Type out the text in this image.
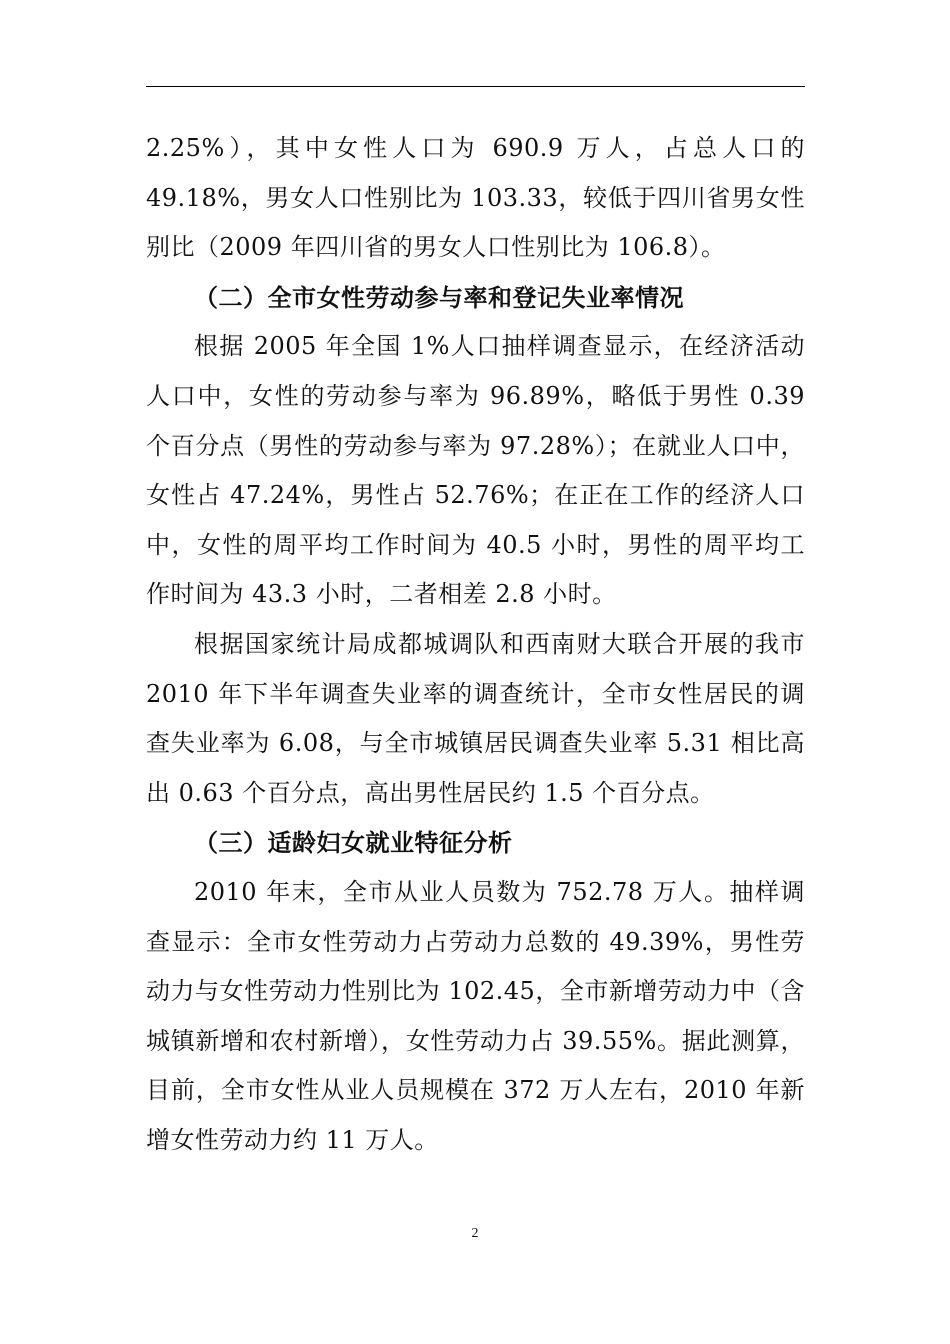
2.25%），其中女性人口为 690.9 万人，占总人口的 49.18%，男女人口性别比为 103.33，较低于四川省男女性别比（2009 年四川省的男女人口性别比为 106.8）。

（二）全市女性劳动参与率和登记失业率情况

根据 2005 年全国 1%人口抽样调查显示，在经济活动人口中，女性的劳动参与率为 96.89%，略低于男性 0.39 个百分点（男性的劳动参与率为 97.28%）；在就业人口中，女性占 47.24%，男性占 52.76%；在正在工作的经济人口中，女性的周平均工作时间为 40.5 小时，男性的周平均工作时间为 43.3 小时，二者相差 2.8 小时。

根据国家统计局成都城调队和西南财大联合开展的我市 2010 年下半年调查失业率的调查统计，全市女性居民的调查失业率为 6.08，与全市城镇居民调查失业率 5.31 相比高出 0.63 个百分点，高出男性居民约 1.5 个百分点。

（三）适龄妇女就业特征分析

2010 年末，全市从业人员数为 752.78 万人。抽样调查显示：全市女性劳动力占劳动力总数的 49.39%，男性劳动力与女性劳动力性别比为 102.45，全市新增劳动力中（含城镇新增和农村新增），女性劳动力占 39.55%。据此测算，目前，全市女性从业人员规模在 372 万人左右，2010 年新增女性劳动力约 11 万人。

2
